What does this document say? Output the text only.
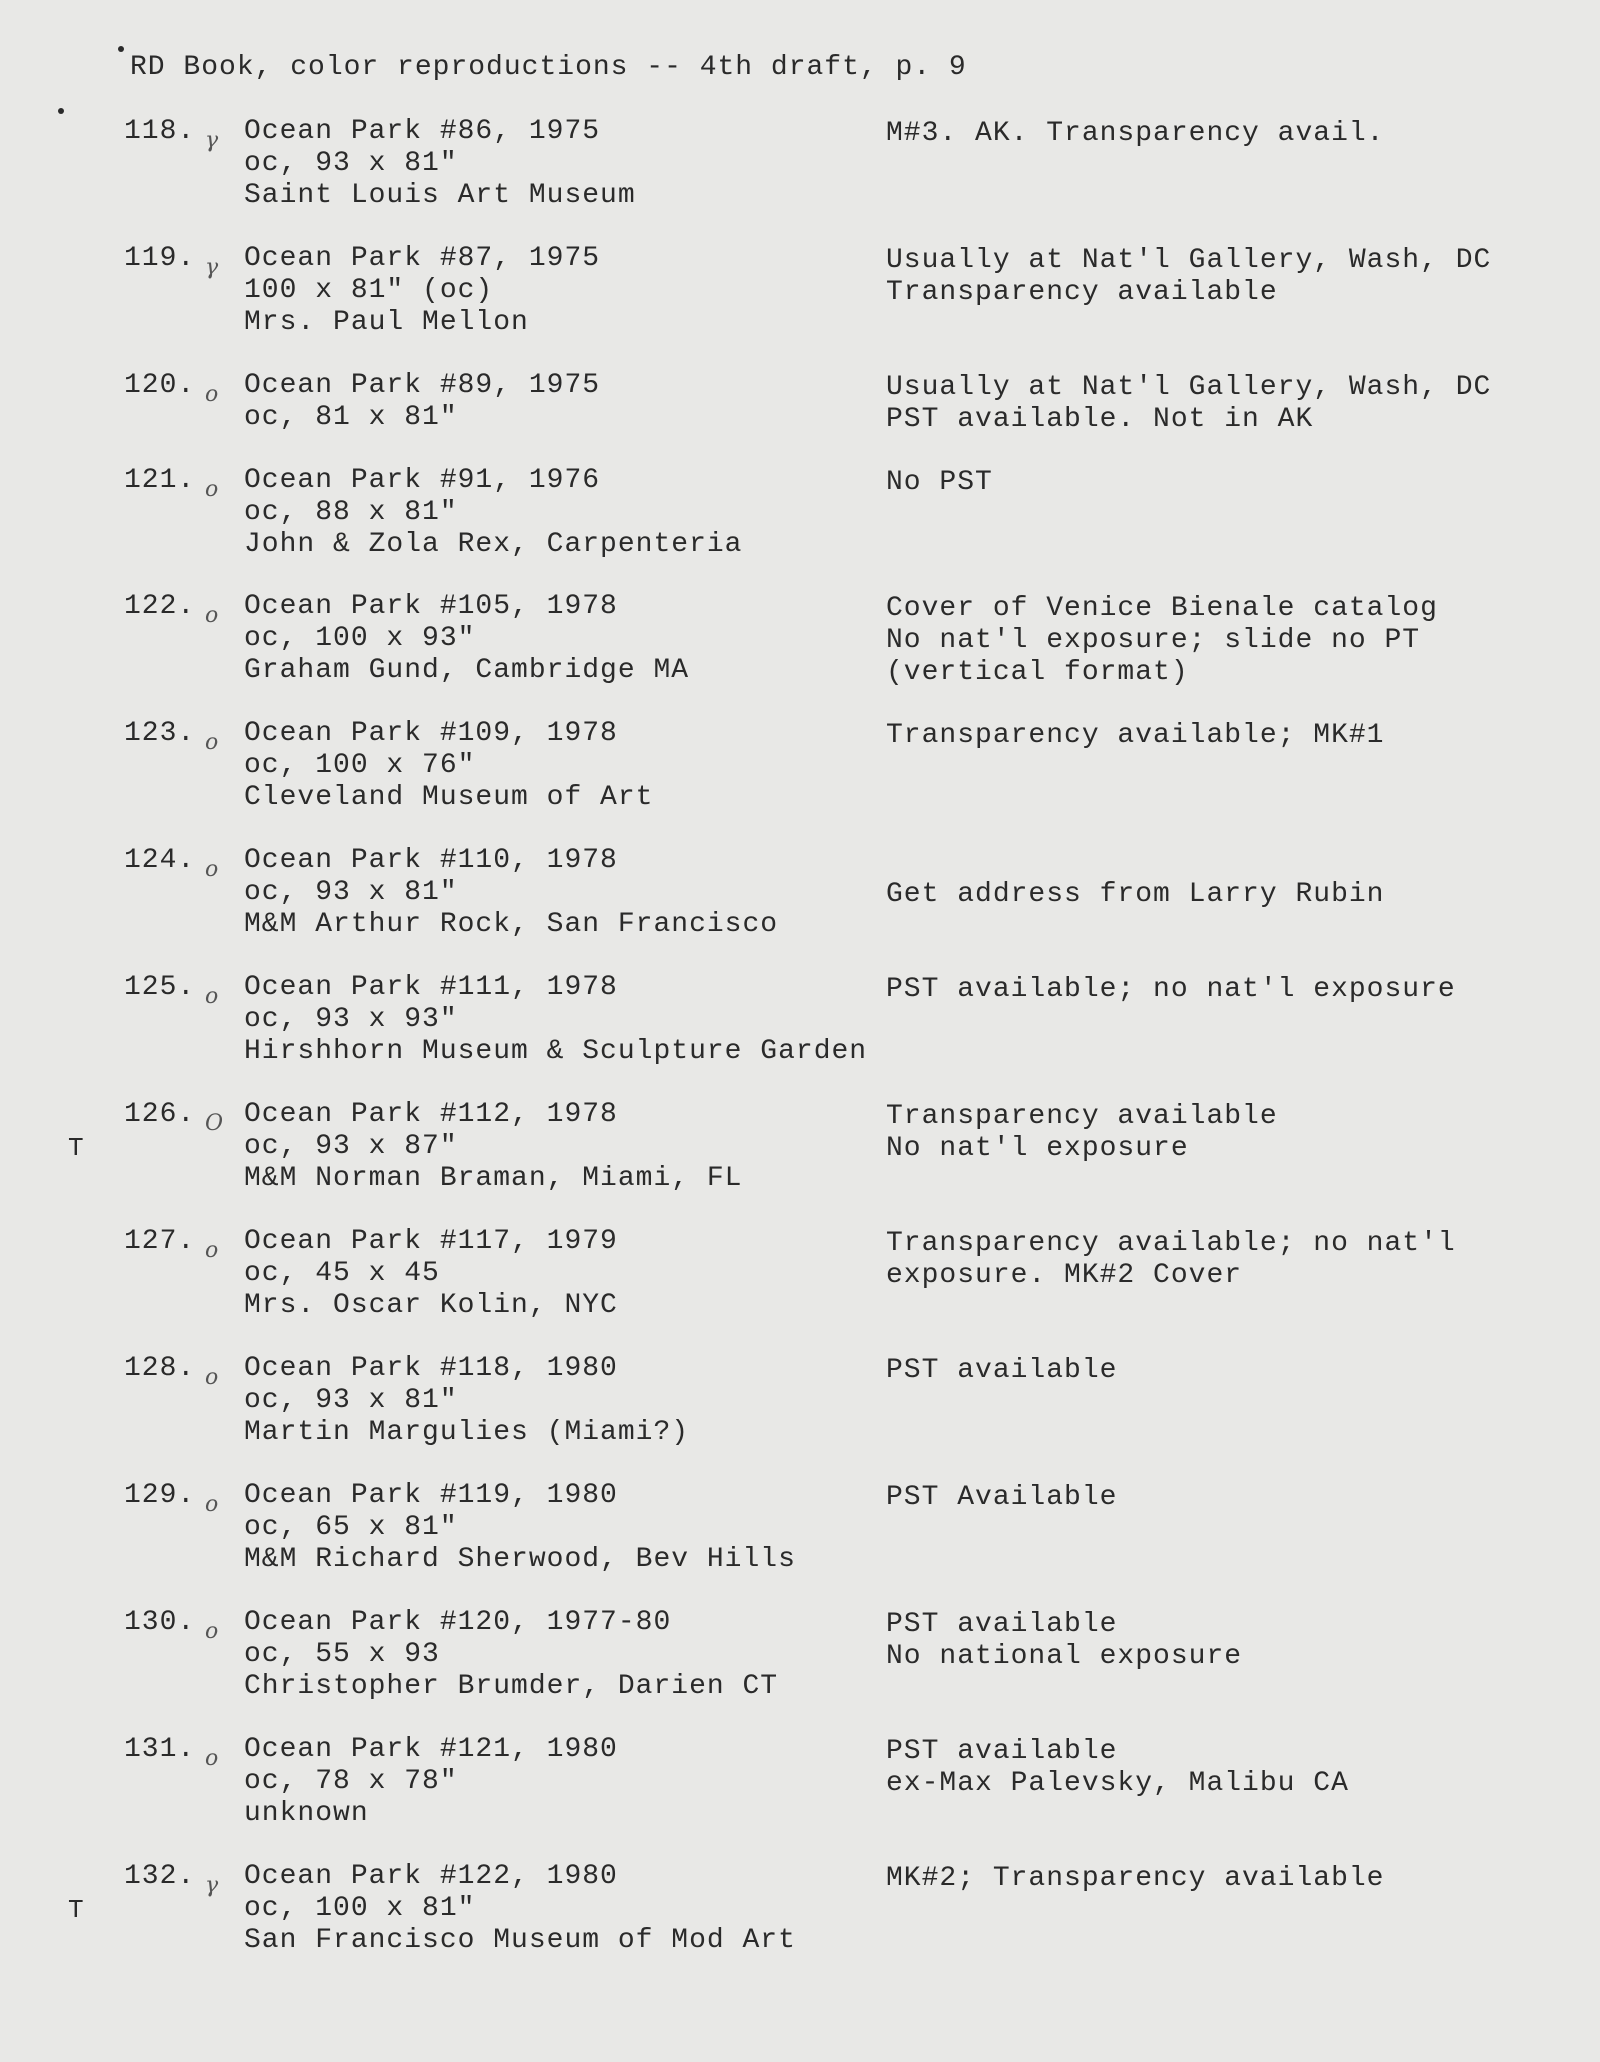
RD Book, color reproductions -- 4th draft, p. 9
118. γ Ocean Park #86, 1975
oc, 93 x 81"
Saint Louis Art Museum
M#3. AK. Transparency avail.
119. γ Ocean Park #87, 1975
100 x 81" (oc)
Mrs. Paul Mellon
Usually at Nat'l Gallery, Wash, DC
Transparency available
120. o Ocean Park #89, 1975
oc, 81 x 81"
Usually at Nat'l Gallery, Wash, DC
PST available. Not in AK
121. o Ocean Park #91, 1976
oc, 88 x 81"
John & Zola Rex, Carpenteria
No PST
122. o Ocean Park #105, 1978
oc, 100 x 93"
Graham Gund, Cambridge MA
Cover of Venice Bienale catalog
No nat'l exposure; slide no PT
(vertical format)
123. o Ocean Park #109, 1978
oc, 100 x 76"
Cleveland Museum of Art
Transparency available; MK#1
124. o Ocean Park #110, 1978
oc, 93 x 81"
M&M Arthur Rock, San Francisco

Get address from Larry Rubin
125. o Ocean Park #111, 1978
oc, 93 x 93"
Hirshhorn Museum & Sculpture Garden
PST available; no nat'l exposure
126. O
T
Ocean Park #112, 1978
oc, 93 x 87"
M&M Norman Braman, Miami, FL
Transparency available
No nat'l exposure
127. o Ocean Park #117, 1979
oc, 45 x 45
Mrs. Oscar Kolin, NYC
Transparency available; no nat'l
exposure. MK#2 Cover
128. o Ocean Park #118, 1980
oc, 93 x 81"
Martin Margulies (Miami?)
PST available
129. o Ocean Park #119, 1980
oc, 65 x 81"
M&M Richard Sherwood, Bev Hills
PST Available
130. o Ocean Park #120, 1977-80
oc, 55 x 93
Christopher Brumder, Darien CT
PST available
No national exposure
131. o Ocean Park #121, 1980
oc, 78 x 78"
unknown
PST available
ex-Max Palevsky, Malibu CA
132. γ
T
Ocean Park #122, 1980
oc, 100 x 81"
San Francisco Museum of Mod Art
MK#2; Transparency available
